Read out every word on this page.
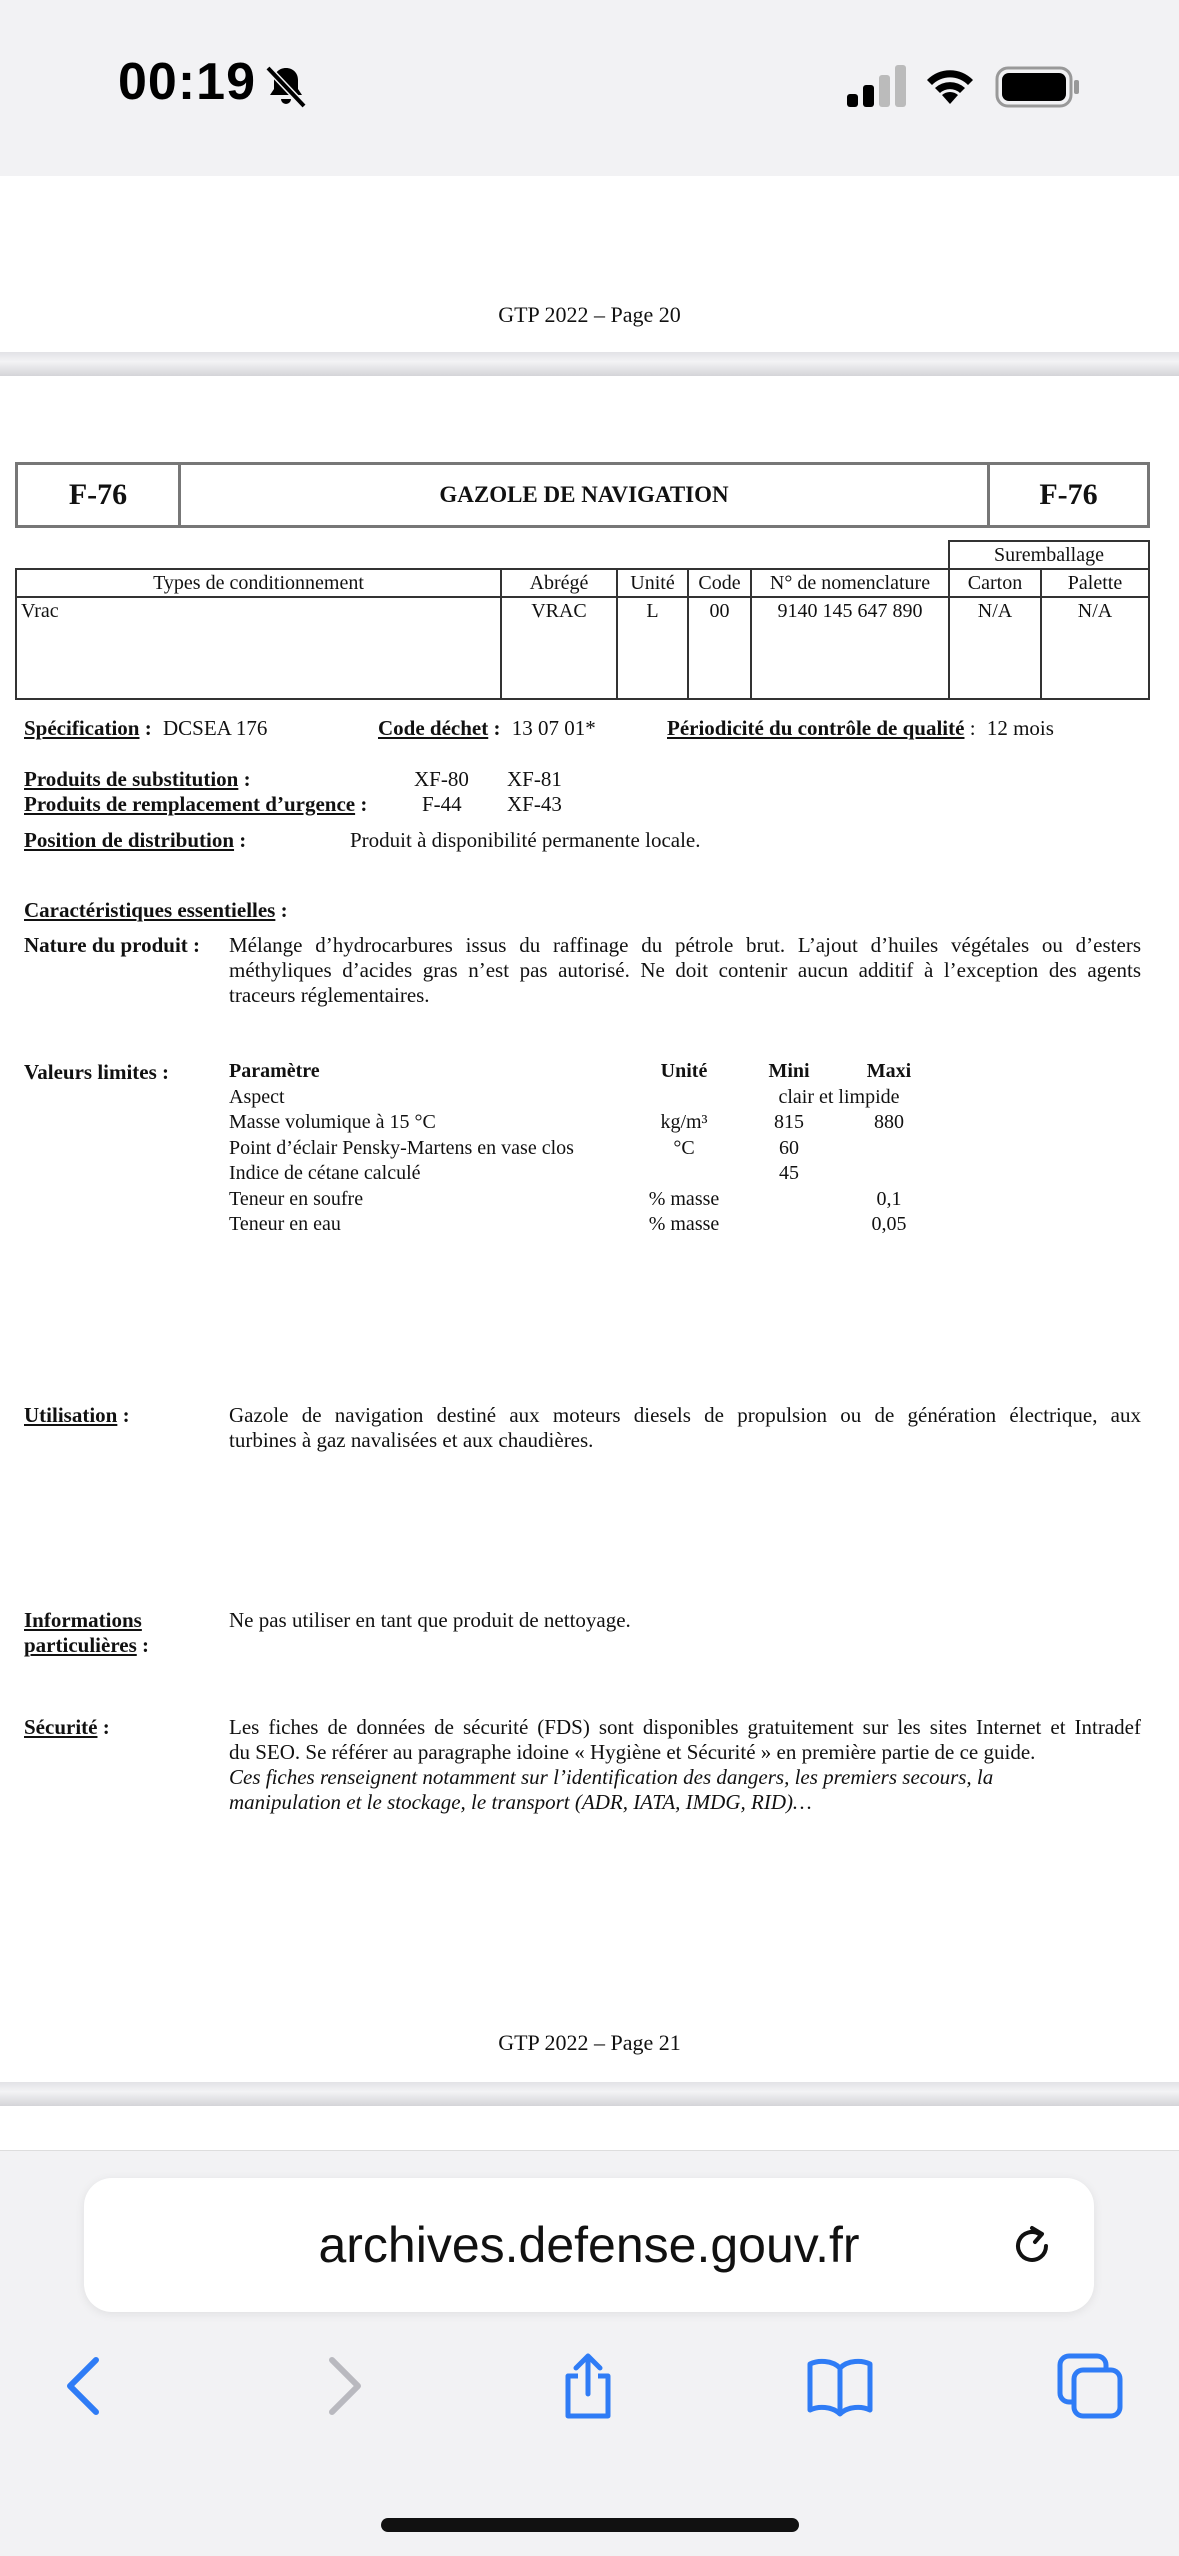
00:19
GTP 2022 – Page 20
F-76	GAZOLE DE NAVIGATION	F-76
					Suremballage	
Types de conditionnement	Abrégé	Unité	Code	N° de nomenclature	Carton	Palette
Vrac	VRAC	L	00	9140 145 647 890	N/A	N/A
Spécification : DCSEA 176	Code déchet : 13 07 01*	Périodicité du contrôle de qualité : 12 mois
Produits de substitution :	XF-80 XF-81
Produits de remplacement d’urgence :	F-44 XF-43
Position de distribution :	Produit à disponibilité permanente locale.
Caractéristiques essentielles :
Nature du produit : Mélange d’hydrocarbures issus du raffinage du pétrole brut. L’ajout d’huiles végétales ou d’esters
méthyliques d’acides gras n’est pas autorisé. Ne doit contenir aucun additif à l’exception des agents
traceurs réglementaires.
Valeurs limites :	Paramètre	Unité	Mini	Maxi
Aspect		clair et limpide	
Masse volumique à 15 °C	kg/m³	815	880
Point d’éclair Pensky-Martens en vase clos	°C	60	
Indice de cétane calculé		45	
Teneur en soufre	% masse		0,1
Teneur en eau	% masse		0,05
Utilisation :	Gazole de navigation destiné aux moteurs diesels de propulsion ou de génération électrique, aux
turbines à gaz navalisées et aux chaudières.
Informations
particulières :
Ne pas utiliser en tant que produit de nettoyage.
Sécurité :	Les fiches de données de sécurité (FDS) sont disponibles gratuitement sur les sites Internet et Intradef
du SEO. Se référer au paragraphe idoine « Hygiène et Sécurité » en première partie de ce guide.
Ces fiches renseignent notamment sur l’identification des dangers, les premiers secours, la
manipulation et le stockage, le transport (ADR, IATA, IMDG, RID)…
GTP 2022 – Page 21
archives.defense.gouv.fr
